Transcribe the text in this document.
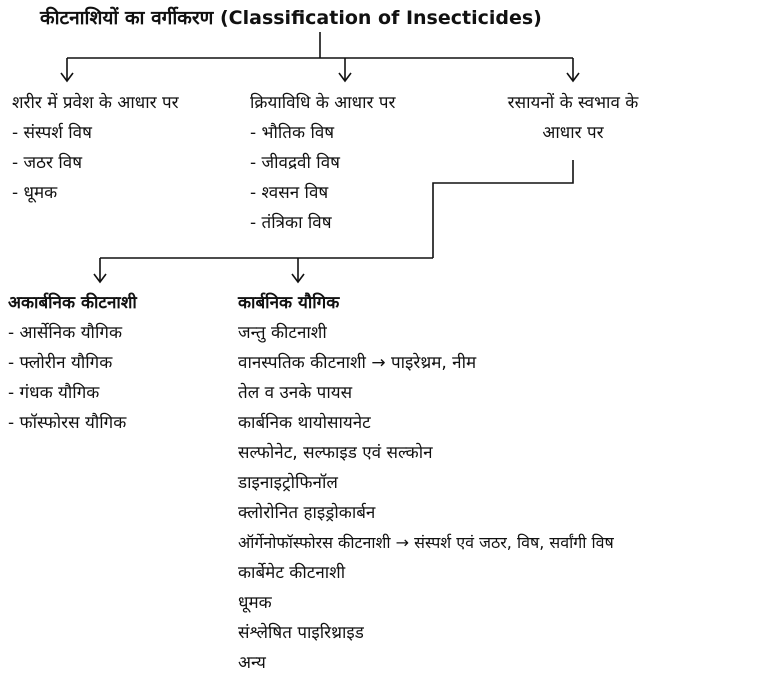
कीटनाशियों का वर्गीकरण (Classification of Insecticides)
शरीर में प्रवेश के आधार पर
- संस्पर्श विष
- जठर विष
- धूमक
क्रियाविधि के आधार पर
- भौतिक विष
- जीवद्रवी विष
- श्वसन विष
- तंत्रिका विष
रसायनों के स्वभाव के
आधार पर
अकार्बनिक कीटनाशी
- आर्सेनिक यौगिक
- फ्लोरीन यौगिक
- गंधक यौगिक
- फॉस्फोरस यौगिक
कार्बनिक यौगिक
जन्तु कीटनाशी
वानस्पतिक कीटनाशी → पाइरेथ्रम, नीम
तेल व उनके पायस
कार्बनिक थायोसायनेट
सल्फोनेट, सल्फाइड एवं सल्कोन
डाइनाइट्रोफिनॉल
क्लोरोनित हाइड्रोकार्बन
ऑर्गेनोफॉस्फोरस कीटनाशी → संस्पर्श एवं जठर, विष, सर्वांगी विष
कार्बेमेट कीटनाशी
धूमक
संश्लेषित पाइरिथ्राइड
अन्य
